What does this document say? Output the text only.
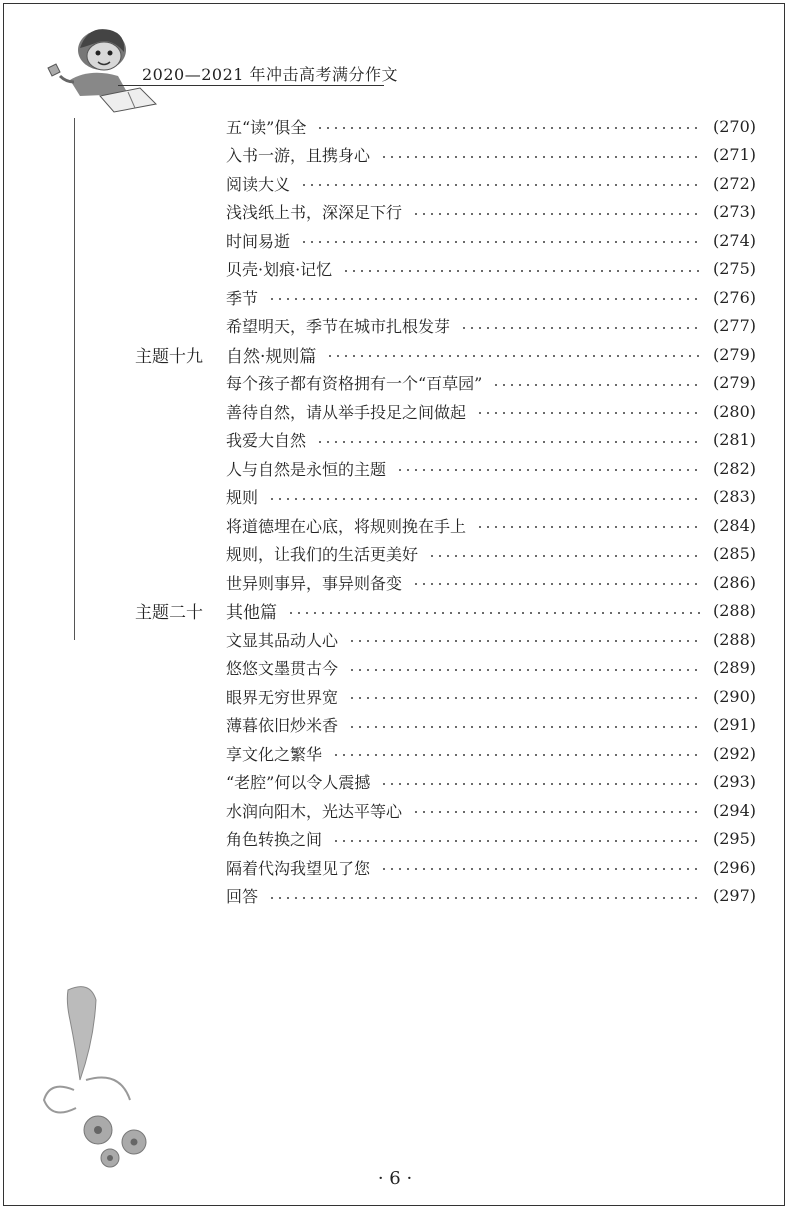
2020—2021 年冲击高考满分作文
五“读”俱全	(270)
入书一游，且携身心	(271)
阅读大义	(272)
浅浅纸上书，深深足下行	(273)
时间易逝	(274)
贝壳·划痕·记忆	(275)
季节	(276)
希望明天，季节在城市扎根发芽	(277)
主题十九 自然·规则篇	(279)
每个孩子都有资格拥有一个“百草园”	(279)
善待自然，请从举手投足之间做起	(280)
我爱大自然	(281)
人与自然是永恒的主题	(282)
规则	(283)
将道德埋在心底，将规则挽在手上	(284)
规则，让我们的生活更美好	(285)
世异则事异，事异则备变	(286)
主题二十 其他篇	(288)
文显其品动人心	(288)
悠悠文墨贯古今	(289)
眼界无穷世界宽	(290)
薄暮依旧炒米香	(291)
享文化之繁华	(292)
“老腔”何以令人震撼	(293)
水润向阳木，光达平等心	(294)
角色转换之间	(295)
隔着代沟我望见了您	(296)
回答	(297)
· 6 ·
